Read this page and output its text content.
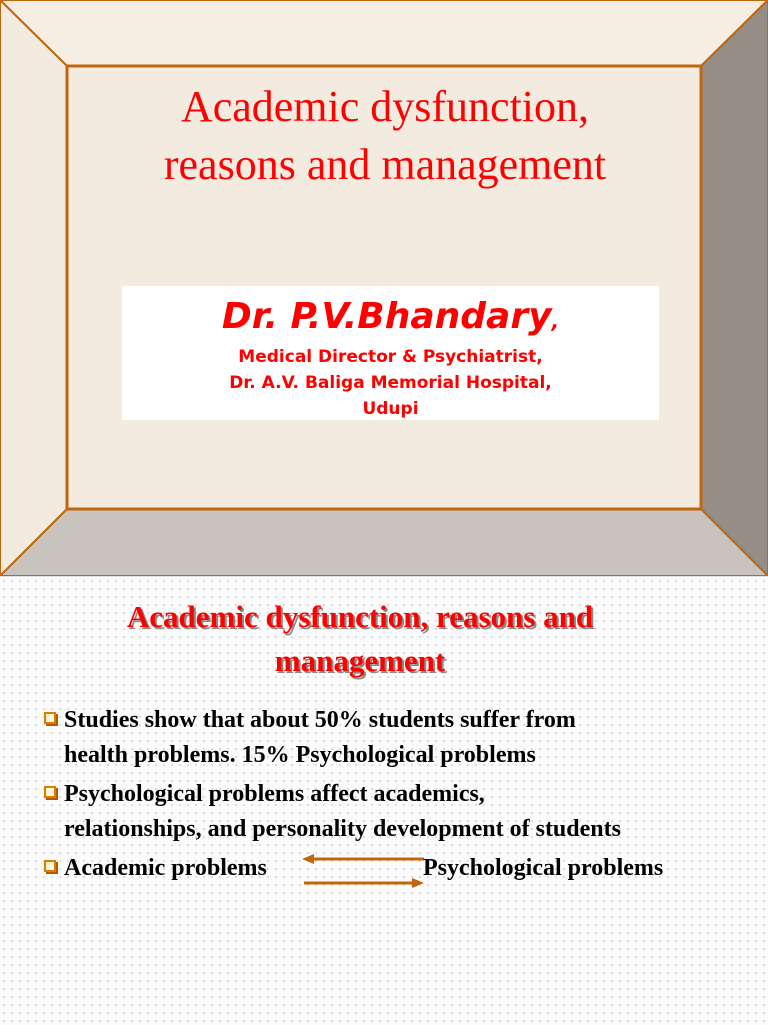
Academic dysfunction,
reasons and management
Dr. P.V.Bhandary,
Medical Director & Psychiatrist,
Dr. A.V. Baliga Memorial Hospital,
Udupi
Academic dysfunction, reasons and
management
Studies show that about 50% students suffer from
health problems. 15% Psychological problems
Psychological problems affect academics,
relationships, and personality development of students
Academic problems	Psychological problems
